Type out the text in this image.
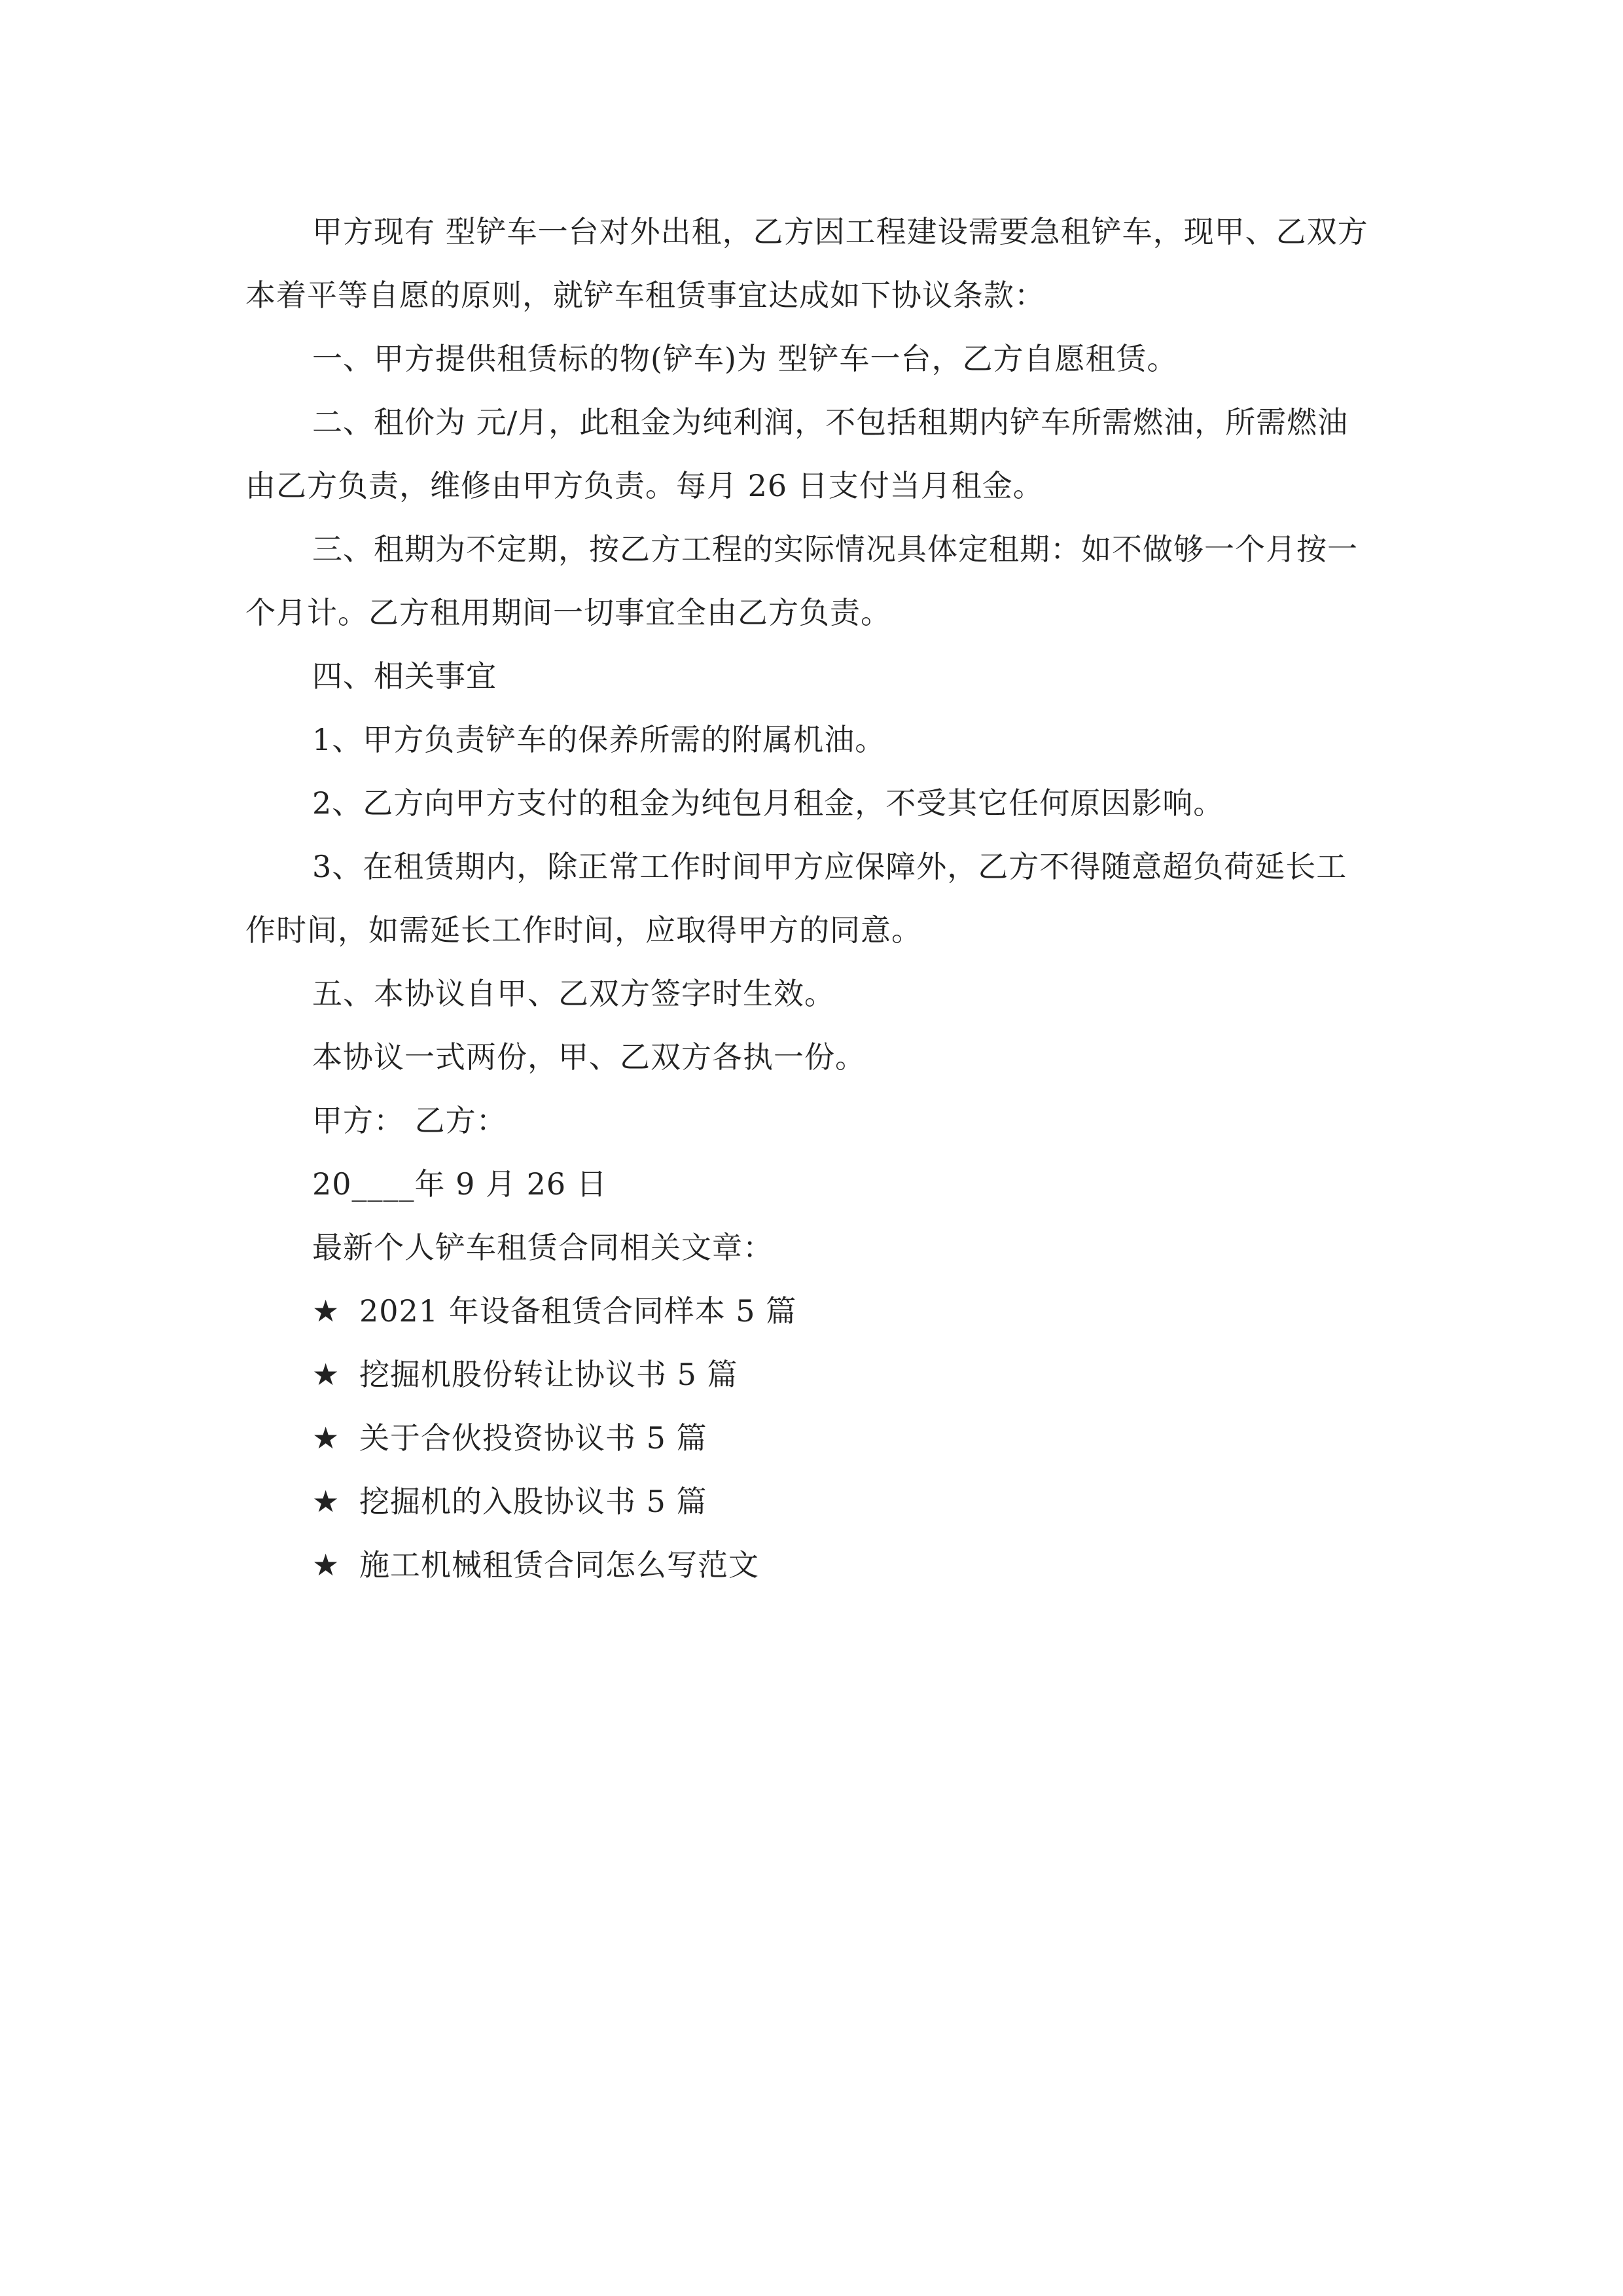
甲方现有 型铲车一台对外出租，乙方因工程建设需要急租铲车，现甲、乙双方本着平等自愿的原则，就铲车租赁事宜达成如下协议条款：
一、甲方提供租赁标的物(铲车)为 型铲车一台，乙方自愿租赁。
二、租价为 元/月，此租金为纯利润，不包括租期内铲车所需燃油，所需燃油由乙方负责，维修由甲方负责。每月 26 日支付当月租金。
三、租期为不定期，按乙方工程的实际情况具体定租期：如不做够一个月按一个月计。乙方租用期间一切事宜全由乙方负责。
四、相关事宜
1、甲方负责铲车的保养所需的附属机油。
2、乙方向甲方支付的租金为纯包月租金，不受其它任何原因影响。
3、在租赁期内，除正常工作时间甲方应保障外，乙方不得随意超负荷延长工作时间，如需延长工作时间，应取得甲方的同意。
五、本协议自甲、乙双方签字时生效。
本协议一式两份，甲、乙双方各执一份。
甲方： 乙方：
20____年 9 月 26 日
最新个人铲车租赁合同相关文章：
★ 2021 年设备租赁合同样本 5 篇
★ 挖掘机股份转让协议书 5 篇
★ 关于合伙投资协议书 5 篇
★ 挖掘机的入股协议书 5 篇
★ 施工机械租赁合同怎么写范文
